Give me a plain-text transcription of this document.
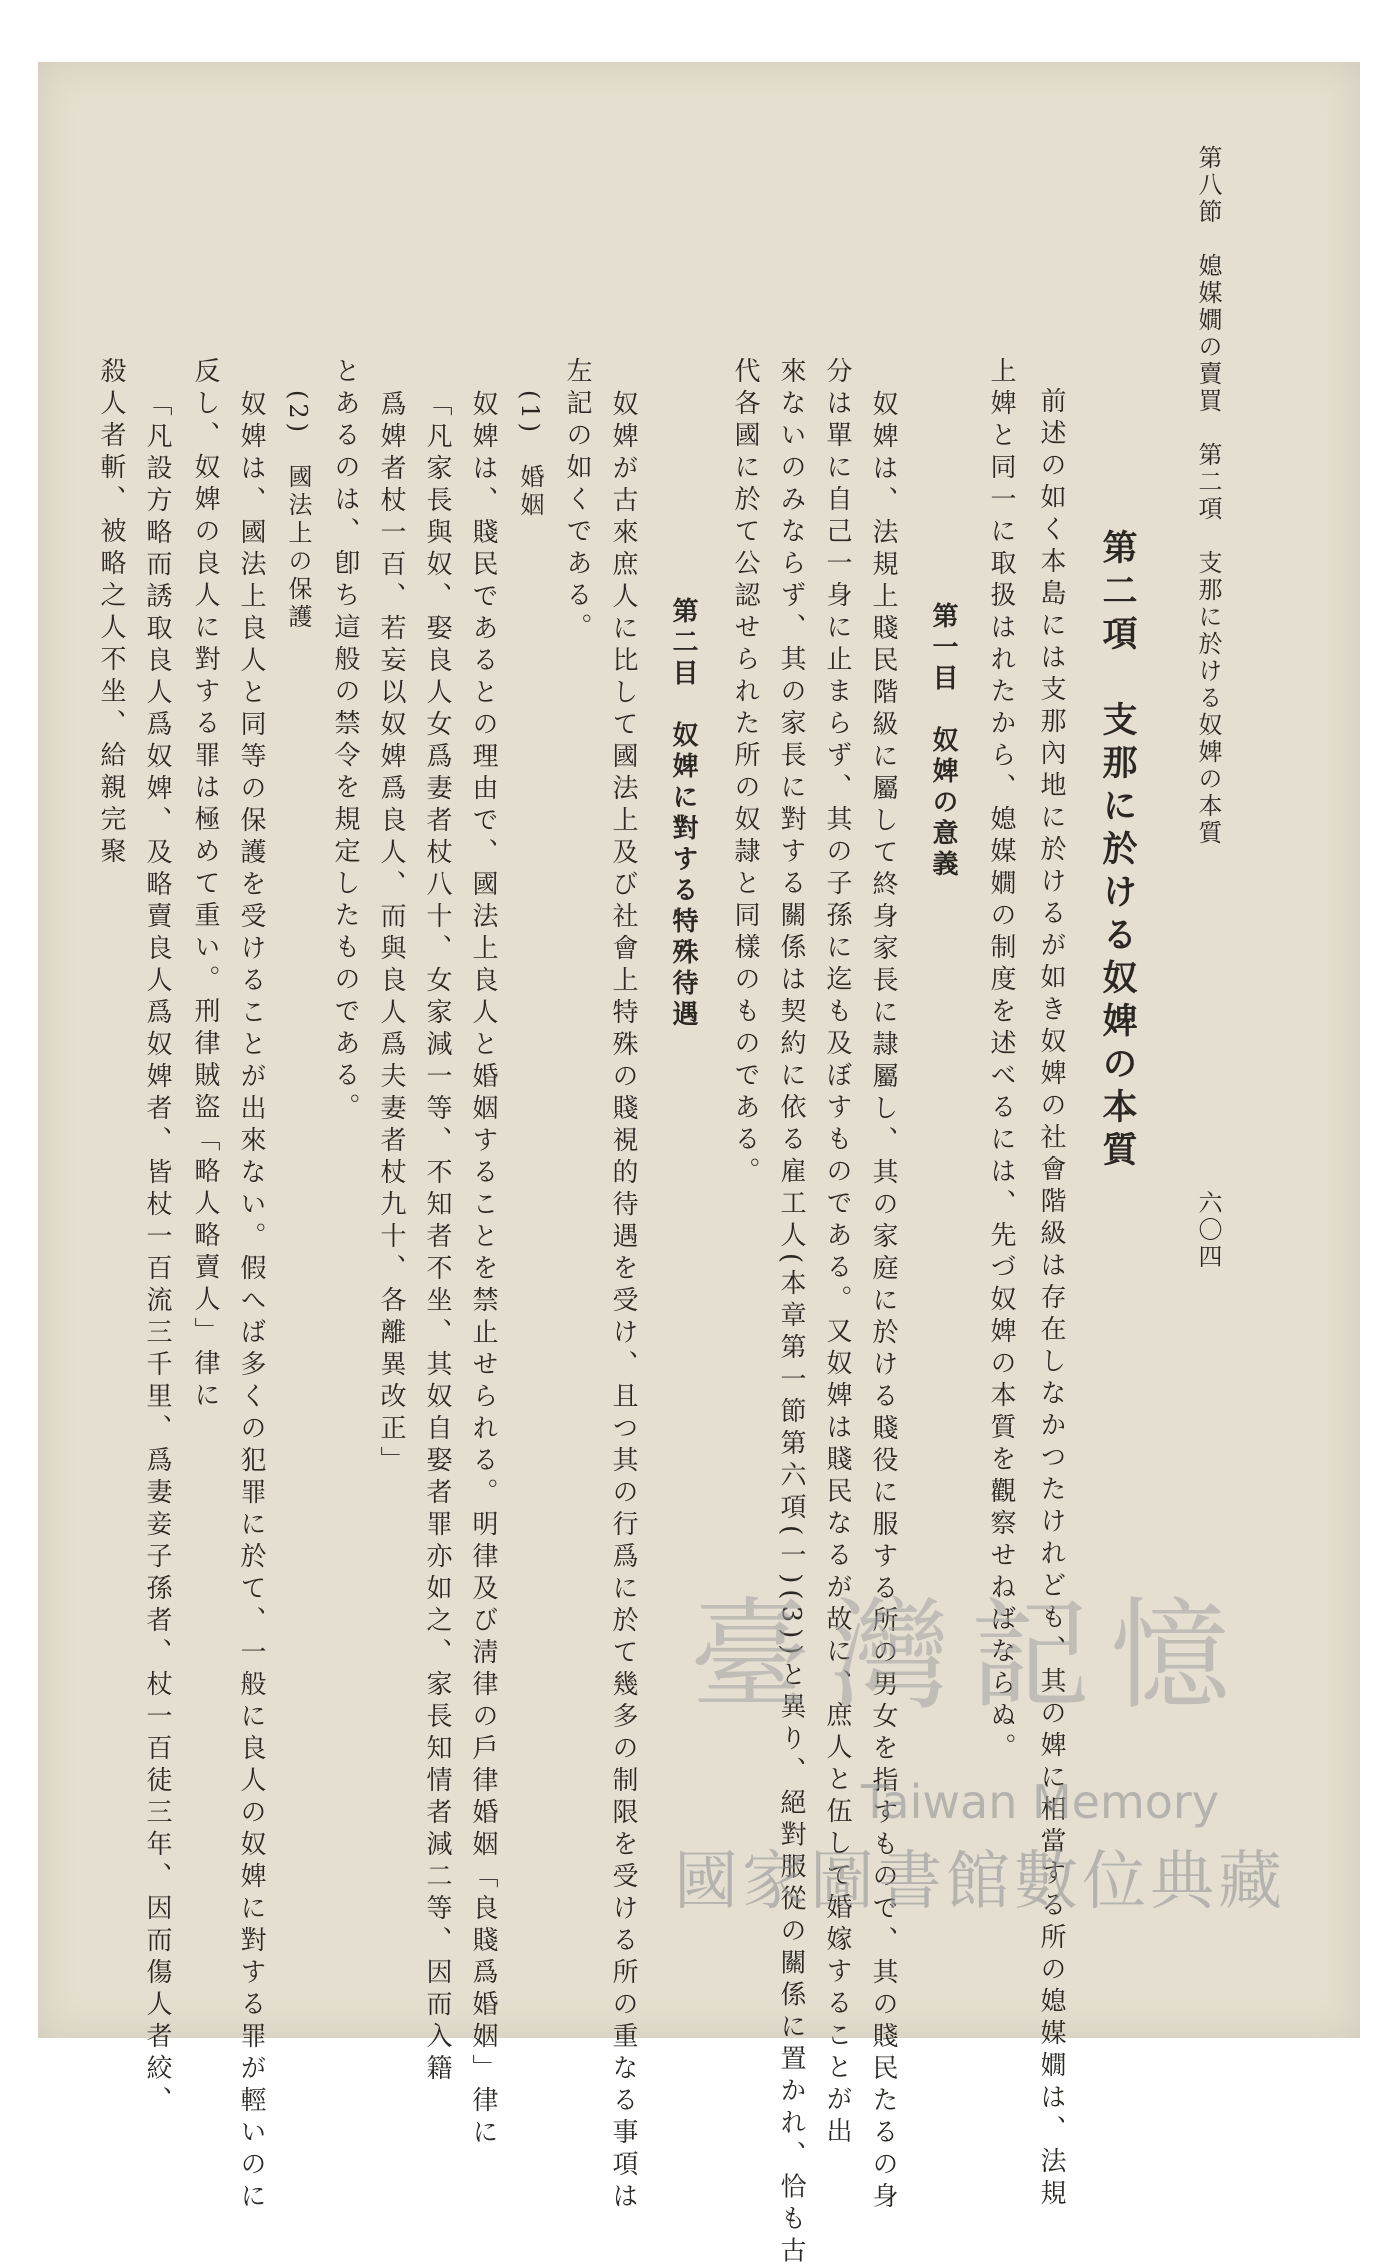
第八節　媳媒嫺の賣買　第二項　支那に於ける奴婢の本質
六〇四
第二項　支那に於ける奴婢の本質
前述の如く本島には支那內地に於けるが如き奴婢の社會階級は存在しなかつたけれども、其の婢に相當する所の媳媒嫺は、法規
上婢と同一に取扱はれたから、媳媒嫺の制度を述べるには、先づ奴婢の本質を觀察せねばならぬ。
第一目　奴婢の意義
奴婢は、法規上賤民階級に屬して終身家長に隷屬し、其の家庭に於ける賤役に服する所の男女を指すもので、其の賤民たるの身
分は單に自己一身に止まらず、其の子孫に迄も及ぼすものである。又奴婢は賤民なるが故に、庶人と伍して婚嫁することが出
來ないのみならず、其の家長に對する關係は契約に依る雇工人(本章第一節第六項(一)(3))と異り、絕對服從の關係に置かれ、恰も古
代各國に於て公認せられた所の奴隷と同樣のものである。
第二目　奴婢に對する特殊待遇
奴婢が古來庶人に比して國法上及び社會上特殊の賤視的待遇を受け、且つ其の行爲に於て幾多の制限を受ける所の重なる事項は
左記の如くである。
(1)　婚姻
奴婢は、賤民であるとの理由で、國法上良人と婚姻することを禁止せられる。明律及び淸律の戶律婚姻「良賤爲婚姻」律に
「凡家長與奴、娶良人女爲妻者杖八十、女家減一等、不知者不坐、其奴自娶者罪亦如之、家長知情者減二等、因而入籍
爲婢者杖一百、若妄以奴婢爲良人、而與良人爲夫妻者杖九十、各離異改正」
とあるのは、卽ち這般の禁令を規定したものである。
(2)　國法上の保護
奴婢は、國法上良人と同等の保護を受けることが出來ない。假へば多くの犯罪に於て、一般に良人の奴婢に對する罪が輕いのに
反し、奴婢の良人に對する罪は極めて重い。刑律賊盜「略人略賣人」律に
「凡設方略而誘取良人爲奴婢、及略賣良人爲奴婢者、皆杖一百流三千里、爲妻妾子孫者、杖一百徒三年、因而傷人者絞、
殺人者斬、被略之人不坐、給親完聚
臺灣記憶
Taiwan Memory
國家圖書館數位典藏
